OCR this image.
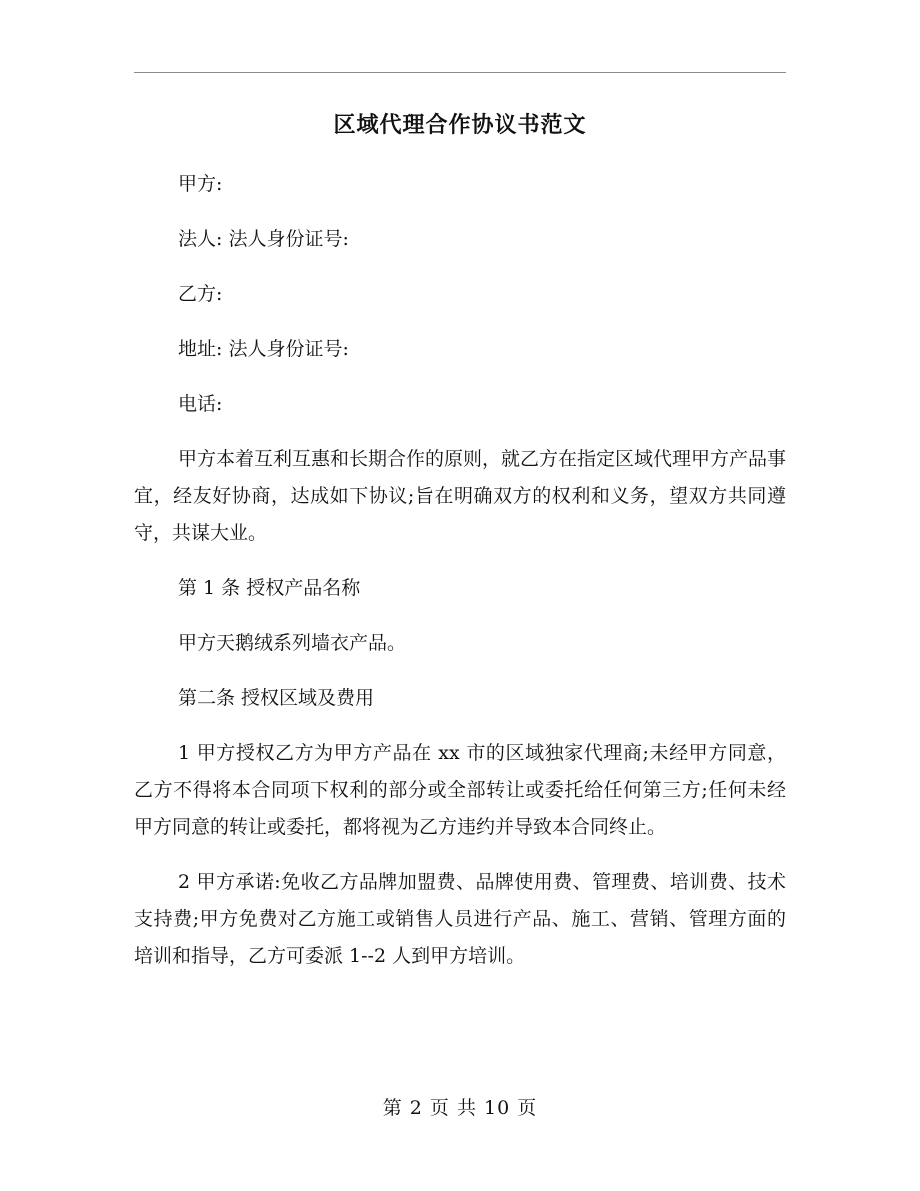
区域代理合作协议书范文

甲方:

法人: 法人身份证号:

乙方:

地址: 法人身份证号:

电话:

甲方本着互利互惠和长期合作的原则，就乙方在指定区域代理甲方产品事宜，经友好协商，达成如下协议;旨在明确双方的权利和义务，望双方共同遵守，共谋大业。

第 1 条 授权产品名称

甲方天鹅绒系列墙衣产品。

第二条 授权区域及费用

1 甲方授权乙方为甲方产品在 xx 市的区域独家代理商;未经甲方同意，乙方不得将本合同项下权利的部分或全部转让或委托给任何第三方;任何未经甲方同意的转让或委托，都将视为乙方违约并导致本合同终止。

2 甲方承诺:免收乙方品牌加盟费、品牌使用费、管理费、培训费、技术支持费;甲方免费对乙方施工或销售人员进行产品、施工、营销、管理方面的培训和指导，乙方可委派 1--2 人到甲方培训。

第 2 页 共 10 页
